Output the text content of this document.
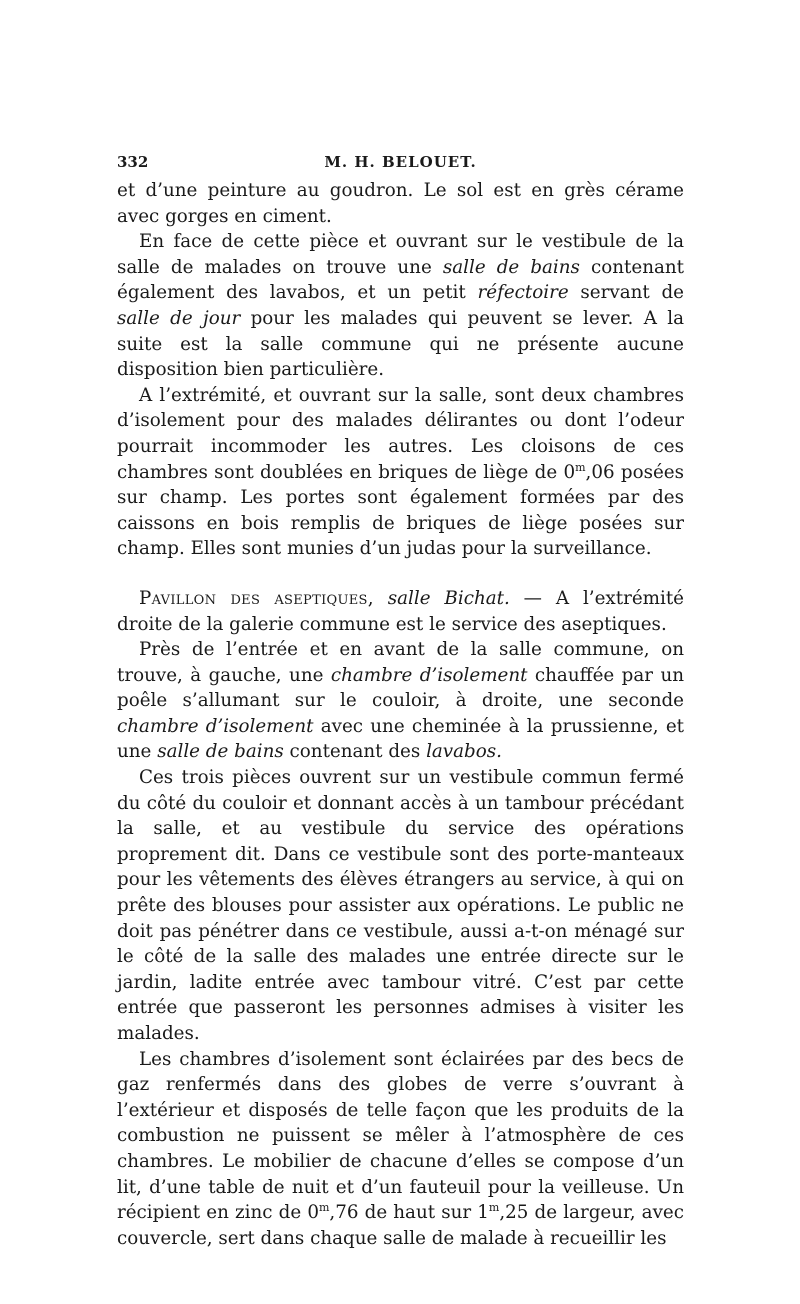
332	M. H. BELOUET.

et d’une peinture au goudron. Le sol est en grès cérame avec gorges en ciment.

En face de cette pièce et ouvrant sur le vestibule de la salle de malades on trouve une salle de bains contenant également des lavabos, et un petit réfectoire servant de salle de jour pour les malades qui peuvent se lever. A la suite est la salle commune qui ne présente aucune disposition bien particulière.

A l’extrémité, et ouvrant sur la salle, sont deux chambres d’isolement pour des malades délirantes ou dont l’odeur pourrait incommoder les autres. Les cloisons de ces chambres sont doublées en briques de liège de 0$^m$,06 posées sur champ. Les portes sont également formées par des caissons en bois remplis de briques de liège posées sur champ. Elles sont munies d’un judas pour la surveillance.

Pavillon des aseptiques, salle Bichat. — A l’extrémité droite de la galerie commune est le service des aseptiques.

Près de l’entrée et en avant de la salle commune, on trouve, à gauche, une chambre d’isolement chauffée par un poêle s’allumant sur le couloir, à droite, une seconde chambre d’isolement avec une cheminée à la prussienne, et une salle de bains contenant des lavabos.

Ces trois pièces ouvrent sur un vestibule commun fermé du côté du couloir et donnant accès à un tambour précédant la salle, et au vestibule du service des opérations proprement dit. Dans ce vestibule sont des porte-manteaux pour les vêtements des élèves étrangers au service, à qui on prête des blouses pour assister aux opérations. Le public ne doit pas pénétrer dans ce vestibule, aussi a-t-on ménagé sur le côté de la salle des malades une entrée directe sur le jardin, ladite entrée avec tambour vitré. C’est par cette entrée que passeront les personnes admises à visiter les malades.

Les chambres d’isolement sont éclairées par des becs de gaz renfermés dans des globes de verre s’ouvrant à l’extérieur et disposés de telle façon que les produits de la combustion ne puissent se mêler à l’atmosphère de ces chambres. Le mobilier de chacune d’elles se compose d’un lit, d’une table de nuit et d’un fauteuil pour la veilleuse. Un récipient en zinc de 0$^m$,76 de haut sur 1$^m$,25 de largeur, avec couvercle, sert dans chaque salle de malade à recueillir les
